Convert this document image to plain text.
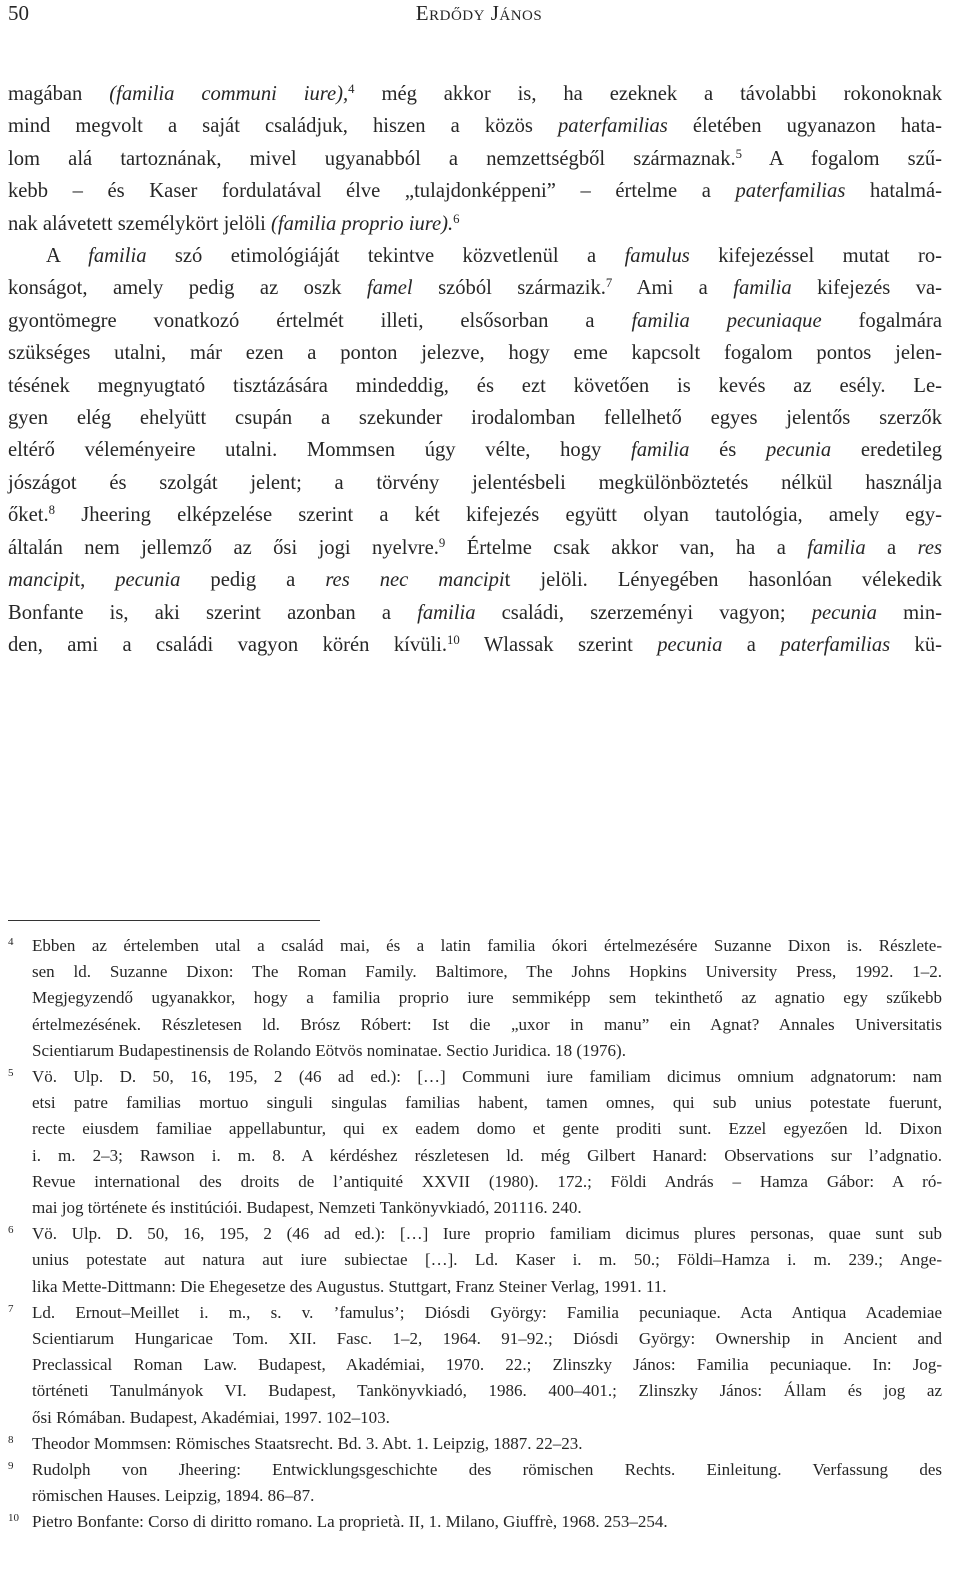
50	Erdődy János

magában (familia communi iure),$^4$ még akkor is, ha ezeknek a távolabbi rokonoknak
mind megvolt a saját családjuk, hiszen a közös paterfamilias életében ugyanazon hata-
lom alá tartoznának, mivel ugyanabból a nemzettségből származnak.$^5$ A fogalom szű-
kebb – és Kaser fordulatával élve „tulajdonképpeni” – értelme a paterfamilias hatalmá-
nak alávetett személykört jelöli (familia proprio iure).$^6$

A familia szó etimológiáját tekintve közvetlenül a famulus kifejezéssel mutat ro-
konságot, amely pedig az oszk famel szóból származik.$^7$ Ami a familia kifejezés va-
gyontömegre vonatkozó értelmét illeti, elsősorban a familia pecuniaque fogalmára
szükséges utalni, már ezen a ponton jelezve, hogy eme kapcsolt fogalom pontos jelen-
tésének megnyugtató tisztázására mindeddig, és ezt követően is kevés az esély. Le-
gyen elég ehelyütt csupán a szekunder irodalomban fellelhető egyes jelentős szerzők
eltérő véleményeire utalni. Mommsen úgy vélte, hogy familia és pecunia eredetileg
jószágot és szolgát jelent; a törvény jelentésbeli megkülönböztetés nélkül használja
őket.$^8$ Jheering elképzelése szerint a két kifejezés együtt olyan tautológia, amely egy-
általán nem jellemző az ősi jogi nyelvre.$^9$ Értelme csak akkor van, ha a familia a res
mancipit, pecunia pedig a res nec mancipit jelöli. Lényegében hasonlóan vélekedik
Bonfante is, aki szerint azonban a familia családi, szerzeményi vagyon; pecunia min-
den, ami a családi vagyon körén kívüli.$^{10}$ Wlassak szerint pecunia a paterfamilias kü-

4 Ebben az értelemben utal a család mai, és a latin familia ókori értelmezésére Suzanne Dixon is. Részlete-
sen ld. Suzanne Dixon: The Roman Family. Baltimore, The Johns Hopkins University Press, 1992. 1–2.
Megjegyzendő ugyanakkor, hogy a familia proprio iure semmiképp sem tekinthető az agnatio egy szűkebb
értelmezésének. Részletesen ld. Brósz Róbert: Ist die „uxor in manu” ein Agnat? Annales Universitatis
Scientiarum Budapestinensis de Rolando Eötvös nominatae. Sectio Juridica. 18 (1976).
5 Vö. Ulp. D. 50, 16, 195, 2 (46 ad ed.): […] Communi iure familiam dicimus omnium adgnatorum: nam
etsi patre familias mortuo singuli singulas familias habent, tamen omnes, qui sub unius potestate fuerunt,
recte eiusdem familiae appellabuntur, qui ex eadem domo et gente proditi sunt. Ezzel egyezően ld. Dixon
i. m. 2–3; Rawson i. m. 8. A kérdéshez részletesen ld. még Gilbert Hanard: Observations sur l’adgnatio.
Revue international des droits de l’antiquité XXVII (1980). 172.; Földi András – Hamza Gábor: A ró-
mai jog története és institúciói. Budapest, Nemzeti Tankönyvkiadó, 201116. 240.
6 Vö. Ulp. D. 50, 16, 195, 2 (46 ad ed.): […] Iure proprio familiam dicimus plures personas, quae sunt sub
unius potestate aut natura aut iure subiectae […]. Ld. Kaser i. m. 50.; Földi–Hamza i. m. 239.; Ange-
lika Mette-Dittmann: Die Ehegesetze des Augustus. Stuttgart, Franz Steiner Verlag, 1991. 11.
7 Ld. Ernout–Meillet i. m., s. v. ’famulus’; Diósdi György: Familia pecuniaque. Acta Antiqua Academiae
Scientiarum Hungaricae Tom. XII. Fasc. 1–2, 1964. 91–92.; Diósdi György: Ownership in Ancient and
Preclassical Roman Law. Budapest, Akadémiai, 1970. 22.; Zlinszky János: Familia pecuniaque. In: Jog-
történeti Tanulmányok VI. Budapest, Tankönyvkiadó, 1986. 400–401.; Zlinszky János: Állam és jog az
ősi Rómában. Budapest, Akadémiai, 1997. 102–103.
8 Theodor Mommsen: Römisches Staatsrecht. Bd. 3. Abt. 1. Leipzig, 1887. 22–23.
9 Rudolph von Jheering: Entwicklungsgeschichte des römischen Rechts. Einleitung. Verfassung des
römischen Hauses. Leipzig, 1894. 86–87.
10 Pietro Bonfante: Corso di diritto romano. La proprietà. II, 1. Milano, Giuffrè, 1968. 253–254.
